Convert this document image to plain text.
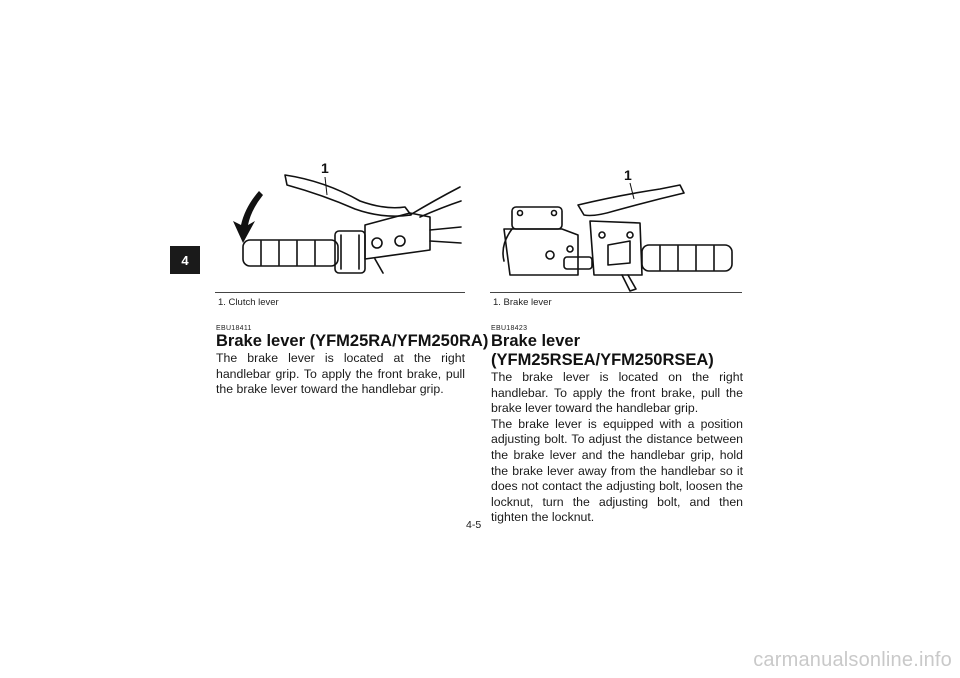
4
1	1
1. Clutch lever
EBU18411
Brake lever (YFM25RA/YFM250RA)

The brake lever is located at the right handlebar grip. To apply the front brake, pull the brake lever toward the handlebar grip.

1. Brake lever
EBU18423
Brake lever
(YFM25RSEA/YFM250RSEA)

The brake lever is located on the right handlebar. To apply the front brake, pull the brake lever toward the handlebar grip.
The brake lever is equipped with a position adjusting bolt. To adjust the distance between the brake lever and the handlebar grip, hold the brake lever away from the handlebar so it does not contact the adjusting bolt, loosen the locknut, turn the adjusting bolt, and then tighten the locknut.

4-5
carmanualsonline.info
